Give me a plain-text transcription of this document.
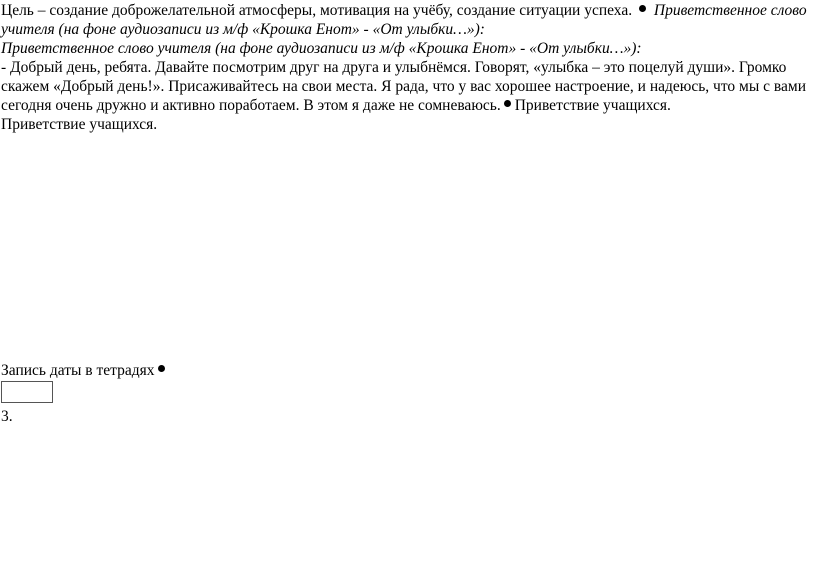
Цель – создание доброжелательной атмосферы, мотивация на учёбу, создание ситуации успеха. Приветственное слово учителя (на фоне аудиозаписи из м/ф «Крошка Енот» - «От улыбки…»):
Приветственное слово учителя (на фоне аудиозаписи из м/ф «Крошка Енот» - «От улыбки…»):
- Добрый день, ребята. Давайте посмотрим друг на друга и улыбнёмся. Говорят, «улыбка – это поцелуй души». Громко скажем «Добрый день!». Присаживайтесь на свои места. Я рада, что у вас хорошее настроение, и надеюсь, что мы с вами сегодня очень дружно и активно поработаем. В этом я даже не сомневаюсь. Приветствие учащихся.
Приветствие учащихся.
Запись даты в тетрадях
3.
